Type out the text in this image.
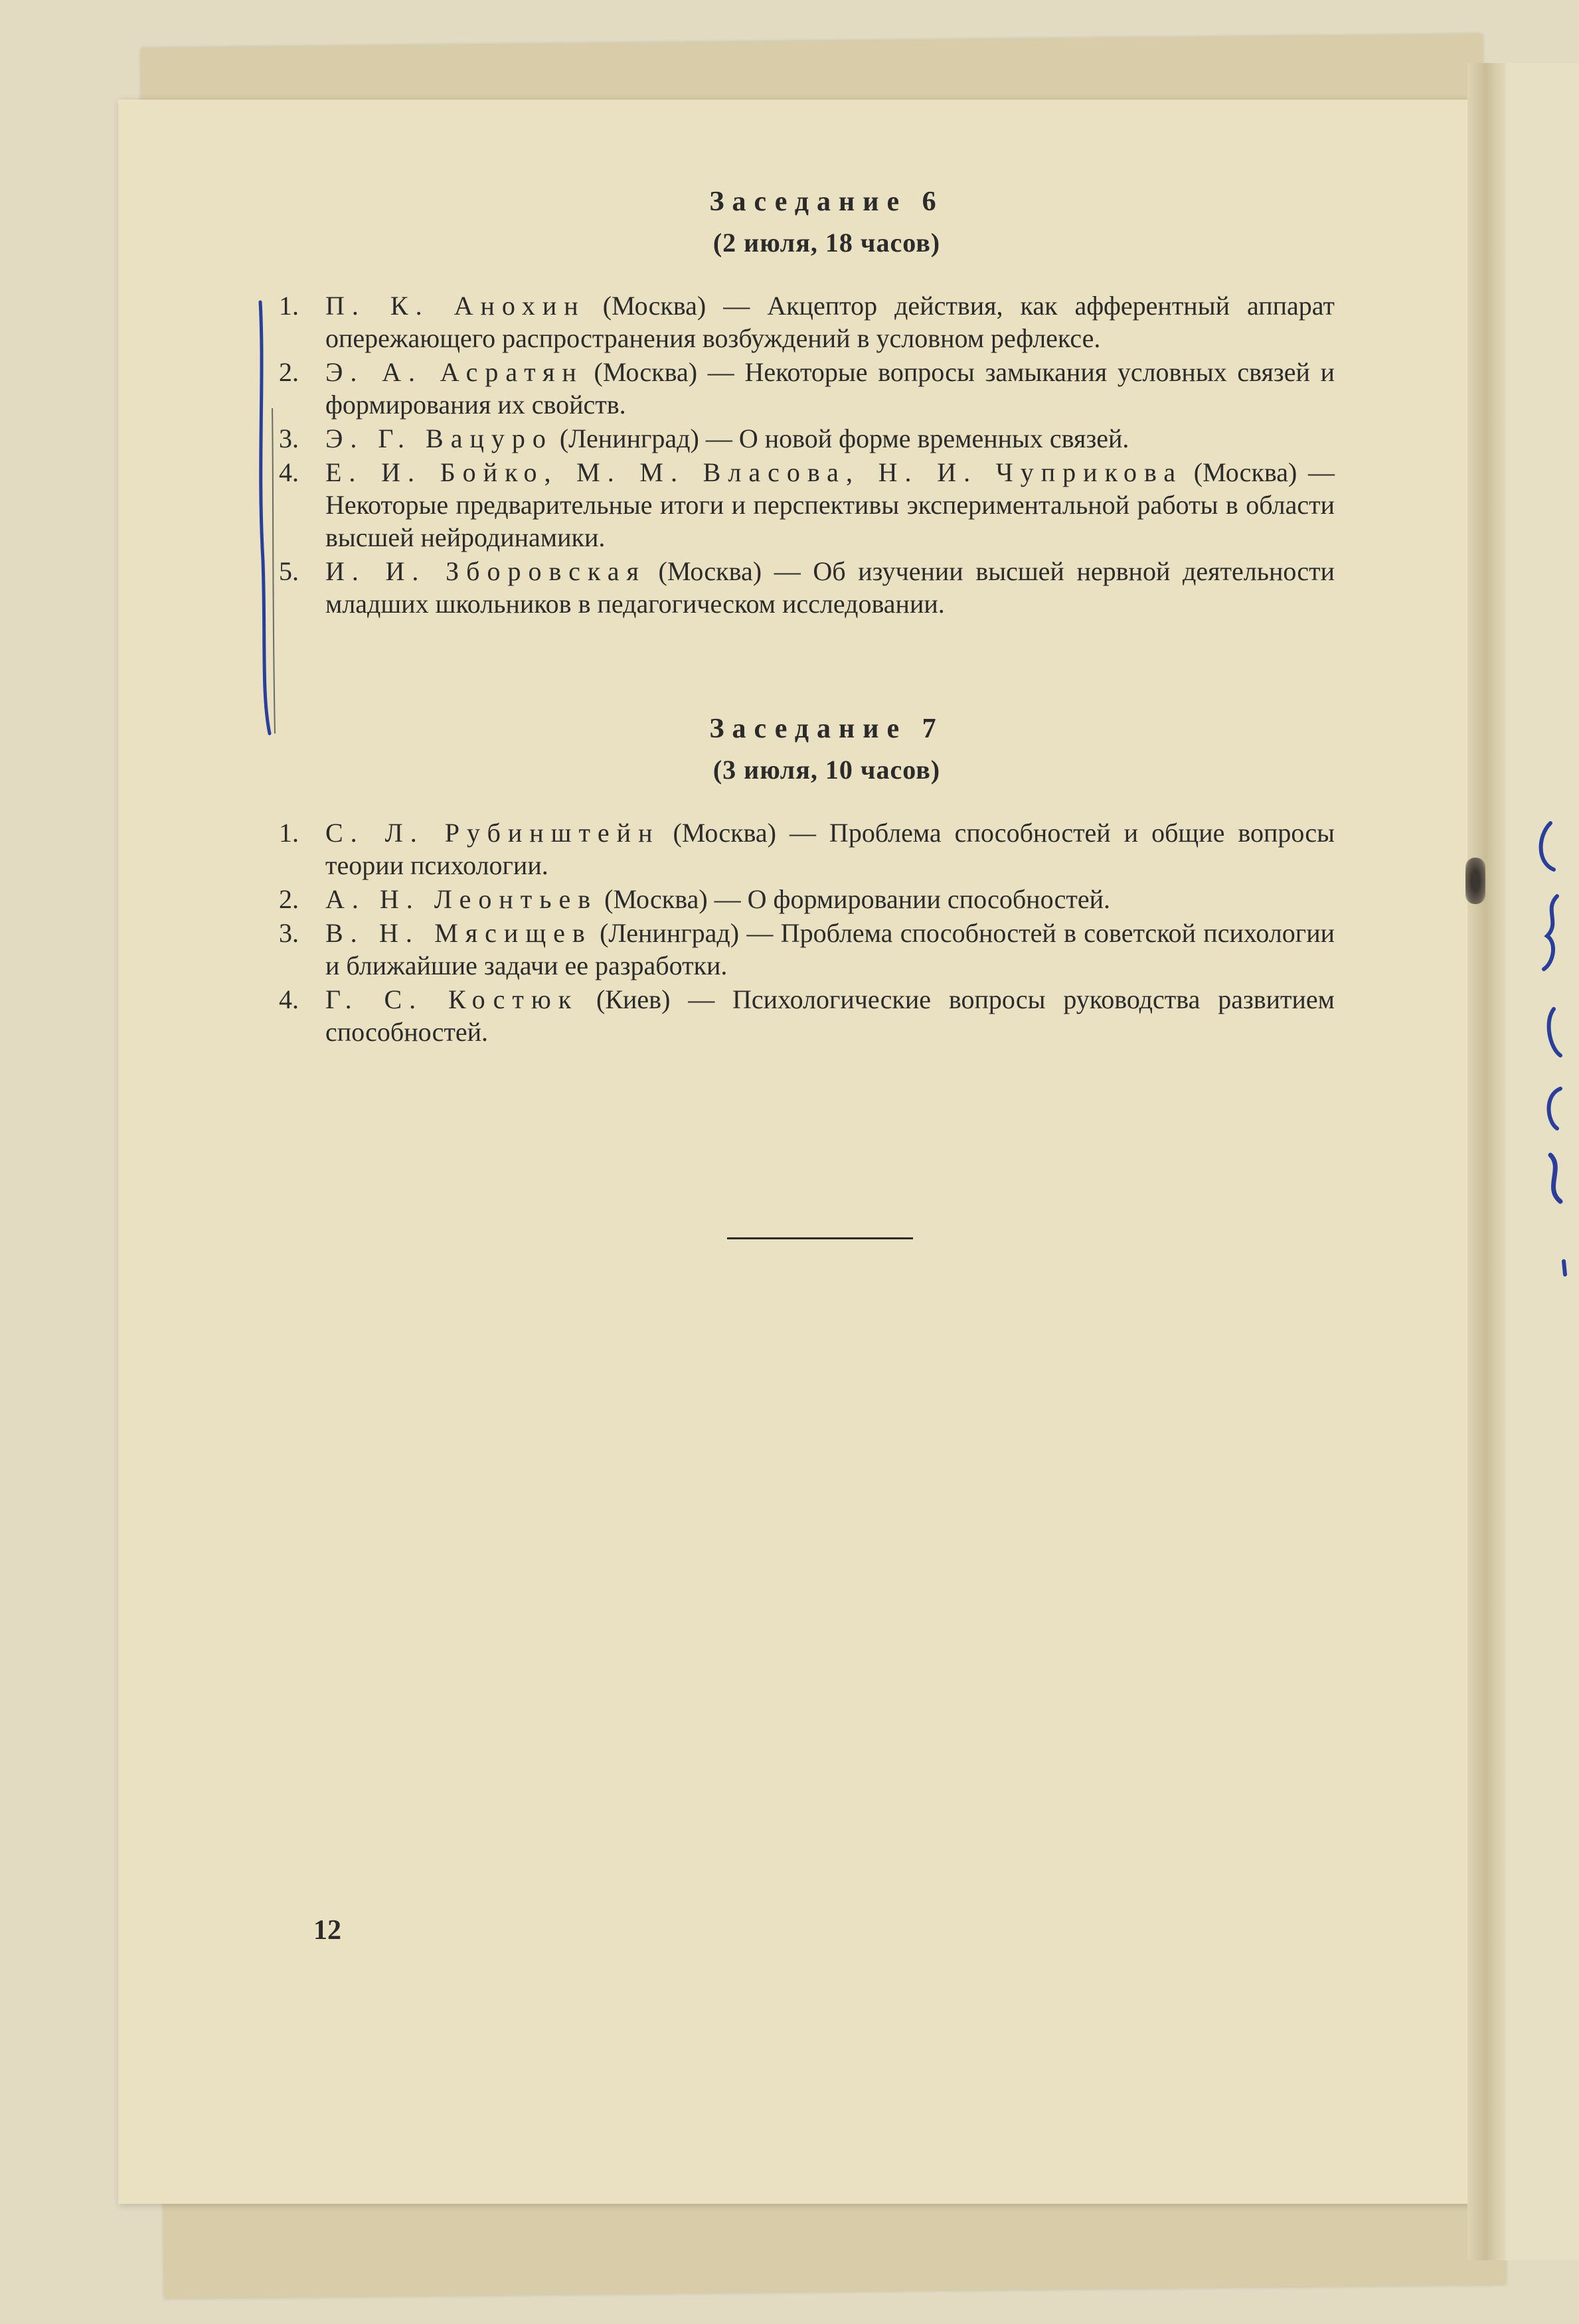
Заседание 6

(2 июля, 18 часов)

1. П. К. Анохин (Москва) — Акцептор действия, как афферентный аппарат опережающего распространения возбуждений в условном рефлексе.
2. Э. А. Асратян (Москва) — Некоторые вопросы замыкания условных связей и формирования их свойств.
3. Э. Г. Вацуро (Ленинград) — О новой форме временных связей.
4. Е. И. Бойко, М. М. Власова, Н. И. Чуприкова (Москва) — Некоторые предварительные итоги и перспективы экспериментальной работы в области высшей нейродинамики.
5. И. И. Зборовская (Москва) — Об изучении высшей нервной деятельности младших школьников в педагогическом исследовании.
Заседание 7

(3 июля, 10 часов)

1. С. Л. Рубинштейн (Москва) — Проблема способностей и общие вопросы теории психологии.
2. А. Н. Леонтьев (Москва) — О формировании способностей.
3. В. Н. Мясищев (Ленинград) — Проблема способностей в советской психологии и ближайшие задачи ее разработки.
4. Г. С. Костюк (Киев) — Психологические вопросы руководства развитием способностей.
12
